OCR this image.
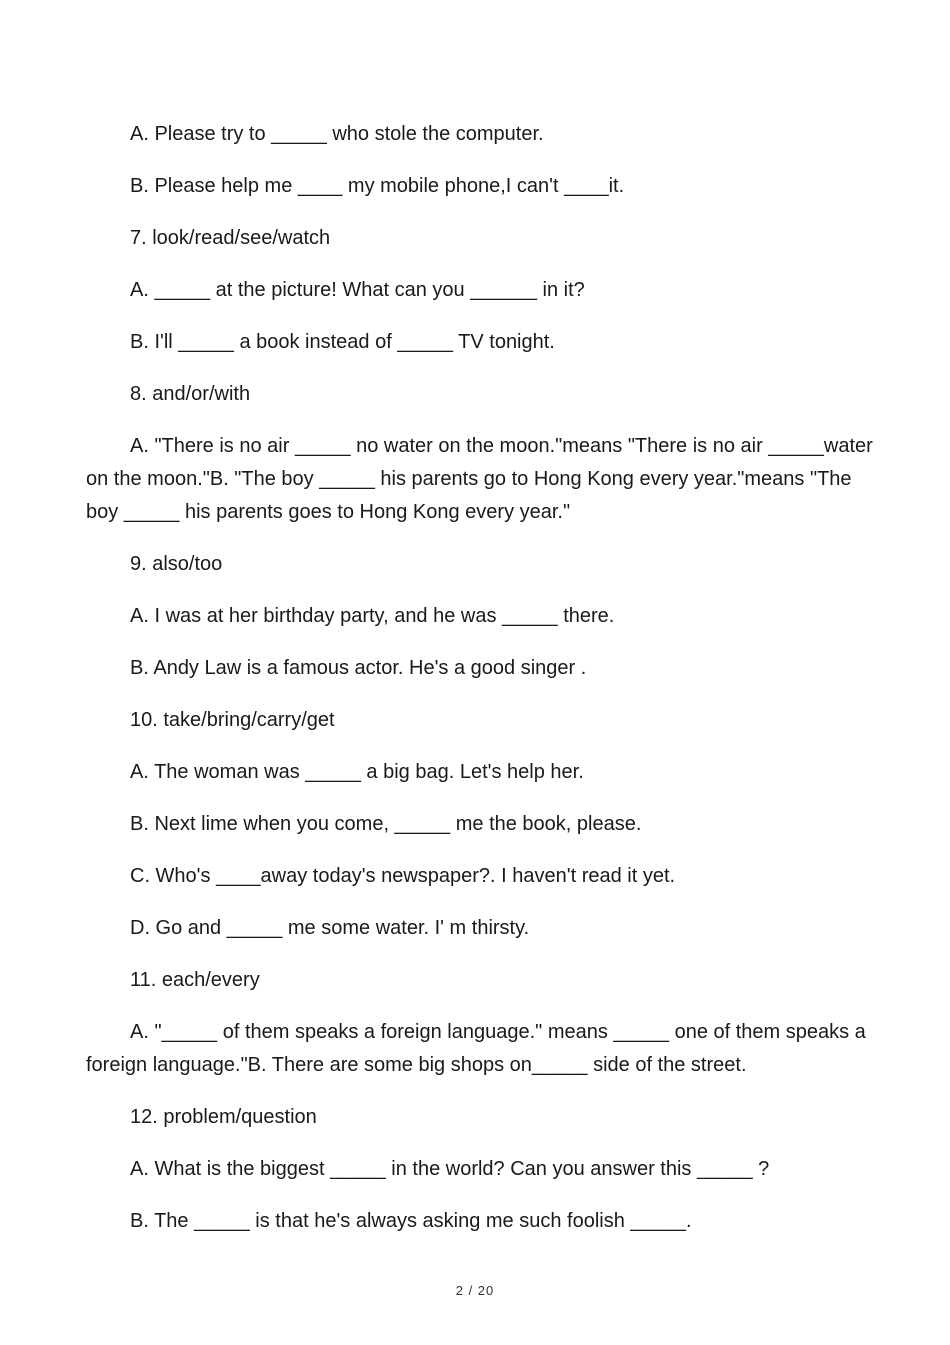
A. Please try to _____ who stole the computer.

B. Please help me ____ my mobile phone,I can't ____it.

7. look/read/see/watch

A. _____ at the picture! What can you ______ in it?

B. I'll _____ a book instead of _____ TV tonight.

8. and/or/with

A. "There is no air _____ no water on the moon."means "There is no air _____water on the moon."B. "The boy _____ his parents go to Hong Kong every year."means "The boy _____ his parents goes to Hong Kong every year."

9. also/too

A. I was at her birthday party, and he was _____ there.

B. Andy Law is a famous actor. He's a good singer .

10. take/bring/carry/get

A. The woman was _____ a big bag. Let's help her.

B. Next lime when you come, _____ me the book, please.

C. Who's ____away today's newspaper?. I haven't read it yet.

D. Go and _____ me some water. I' m thirsty.

11. each/every

A. "_____ of them speaks a foreign language." means _____ one of them speaks a foreign language."B. There are some big shops on_____ side of the street.

12. problem/question

A. What is the biggest _____ in the world? Can you answer this _____ ?

B. The _____ is that he's always asking me such foolish _____.

2 / 20
